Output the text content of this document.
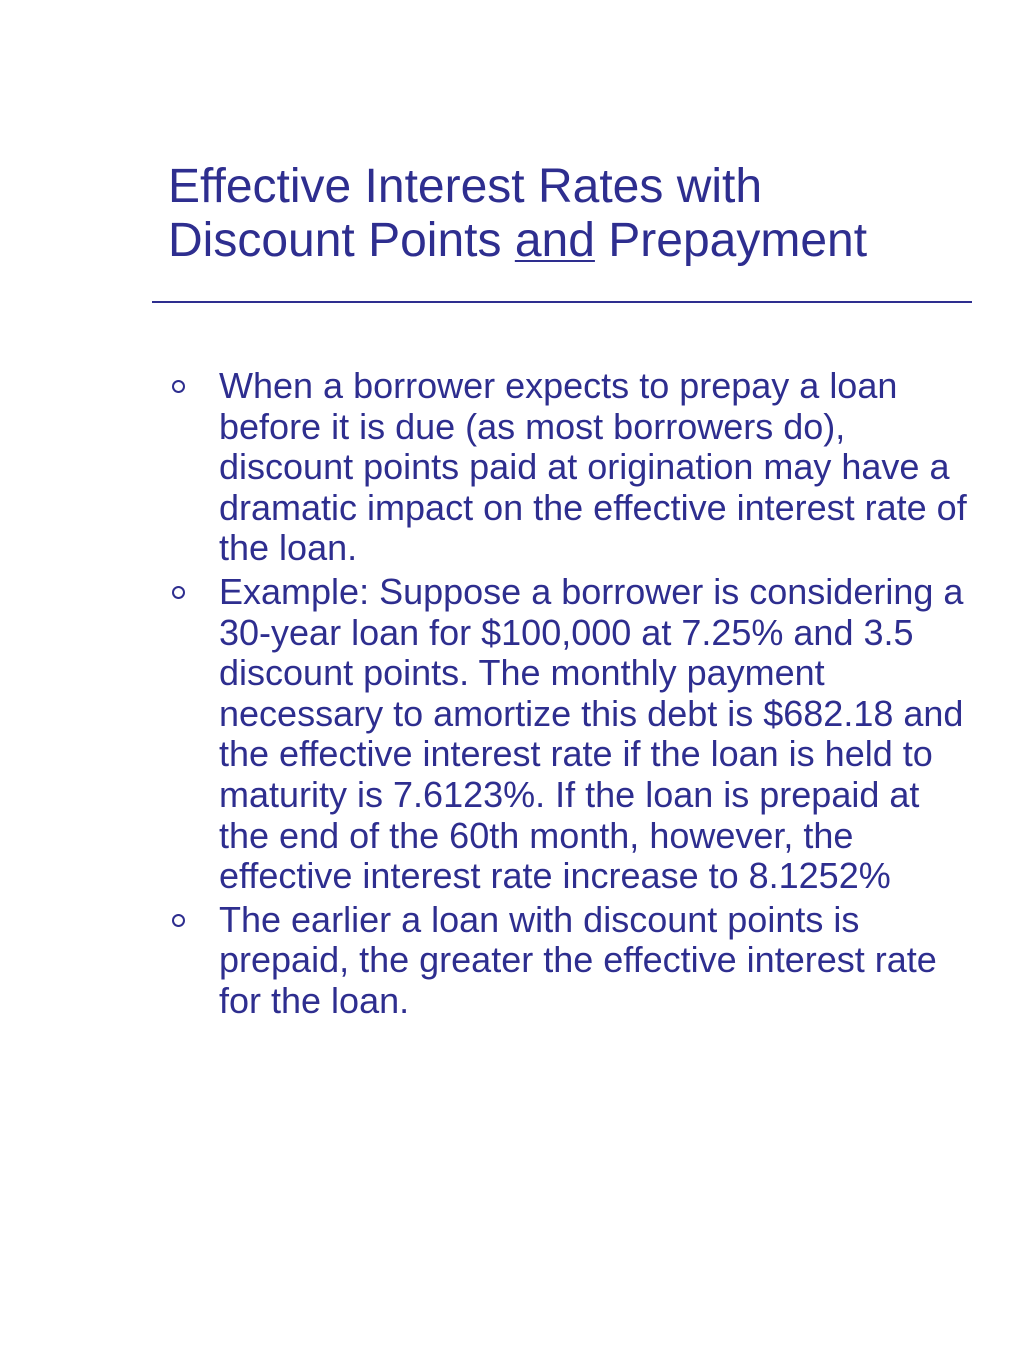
Effective Interest Rates with
Discount Points and Prepayment
When a borrower expects to prepay a loan before it is due (as most borrowers do), discount points paid at origination may have a dramatic impact on the effective interest rate of the loan.
Example: Suppose a borrower is considering a 30-year loan for $100,000 at 7.25% and 3.5 discount points. The monthly payment necessary to amortize this debt is $682.18 and the effective interest rate if the loan is held to maturity is 7.6123%. If the loan is prepaid at the end of the 60th month, however, the effective interest rate increase to 8.1252%
The earlier a loan with discount points is prepaid, the greater the effective interest rate for the loan.
